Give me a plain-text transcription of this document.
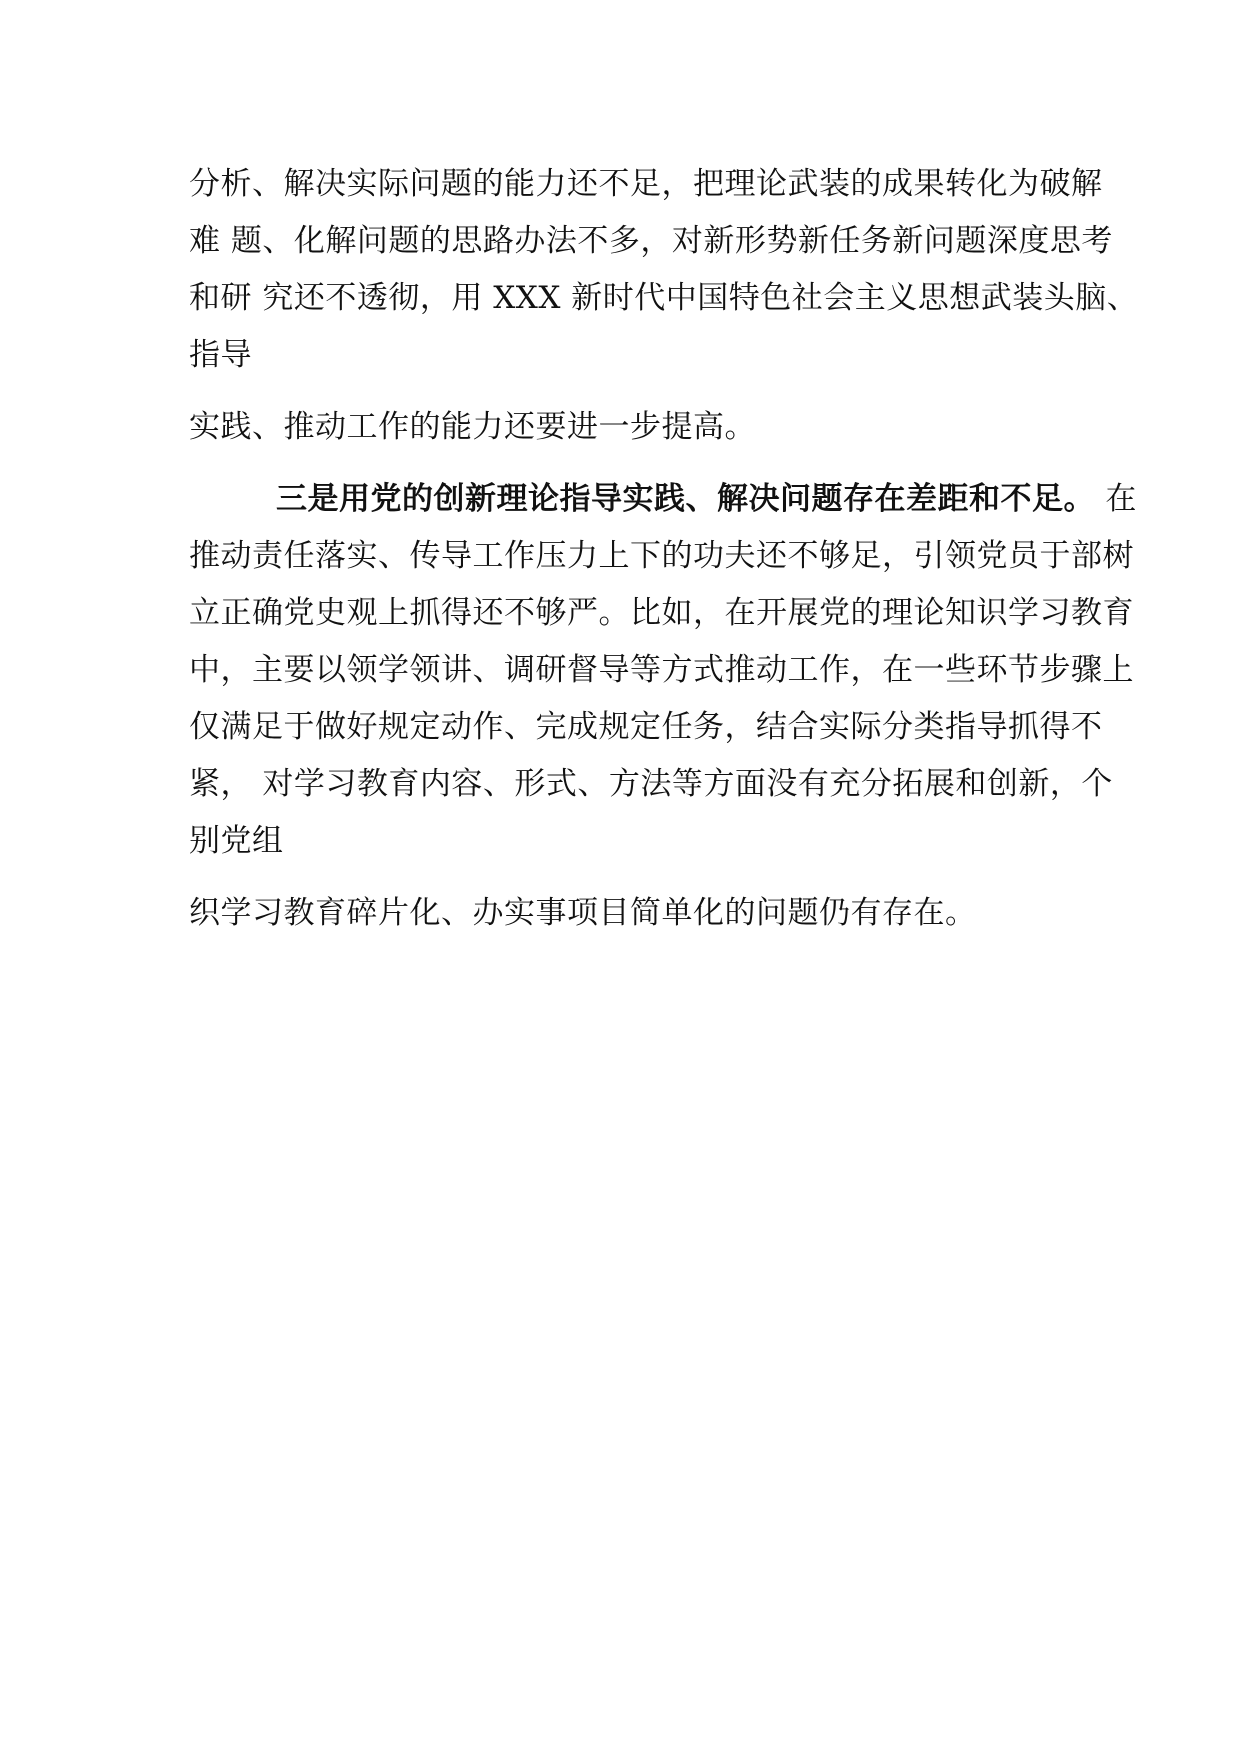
分析、解决实际问题的能力还不足，把理论武装的成果转化为破解
难 题、化解问题的思路办法不多，对新形势新任务新问题深度思考
和研 究还不透彻，用 XXX 新时代中国特色社会主义思想武装头脑、
指导
实践、推动工作的能力还要进一步提高。
三是用党的创新理论指导实践、解决问题存在差距和不足。 在
推动责任落实、传导工作压力上下的功夫还不够足，引领党员于部树
立正确党史观上抓得还不够严。比如，在开展党的理论知识学习教育
中，主要以领学领讲、调研督导等方式推动工作，在一些环节步骤上
仅满足于做好规定动作、完成规定任务，结合实际分类指导抓得不
紧， 对学习教育内容、形式、方法等方面没有充分拓展和创新，个
别党组
织学习教育碎片化、办实事项目简单化的问题仍有存在。
